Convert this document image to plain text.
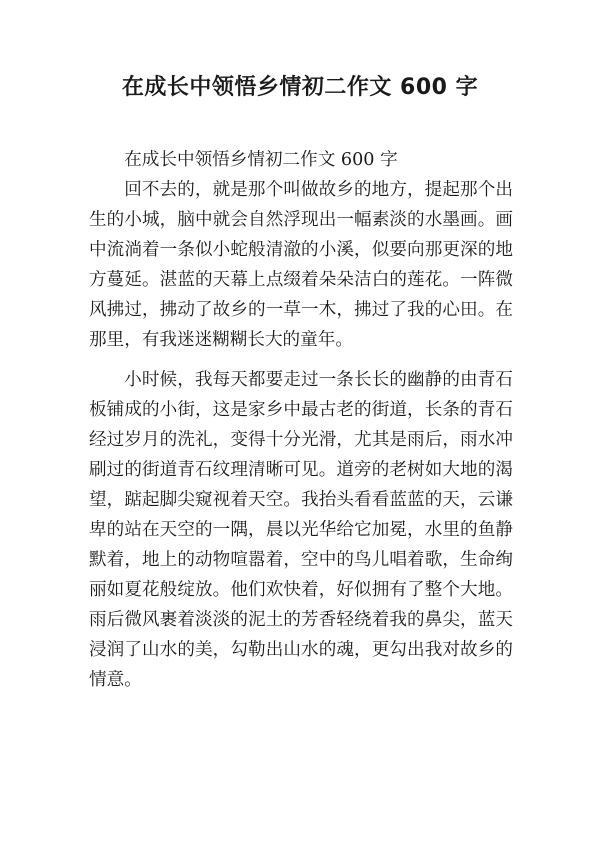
在成长中领悟乡情初二作文 600 字

在成长中领悟乡情初二作文 600 字

回不去的，就是那个叫做故乡的地方，提起那个出生的小城，脑中就会自然浮现出一幅素淡的水墨画。画中流淌着一条似小蛇般清澈的小溪，似要向那更深的地方蔓延。湛蓝的天幕上点缀着朵朵洁白的莲花。一阵微风拂过，拂动了故乡的一草一木，拂过了我的心田。在那里，有我迷迷糊糊长大的童年。

小时候，我每天都要走过一条长长的幽静的由青石板铺成的小街，这是家乡中最古老的街道，长条的青石经过岁月的洗礼，变得十分光滑，尤其是雨后，雨水冲刷过的街道青石纹理清晰可见。道旁的老树如大地的渴望，踮起脚尖窥视着天空。我抬头看看蓝蓝的天，云谦卑的站在天空的一隅，晨以光华给它加冕，水里的鱼静默着，地上的动物喧嚣着，空中的鸟儿唱着歌，生命绚丽如夏花般绽放。他们欢快着，好似拥有了整个大地。雨后微风裹着淡淡的泥土的芳香轻绕着我的鼻尖，蓝天浸润了山水的美，勾勒出山水的魂，更勾出我对故乡的情意。
